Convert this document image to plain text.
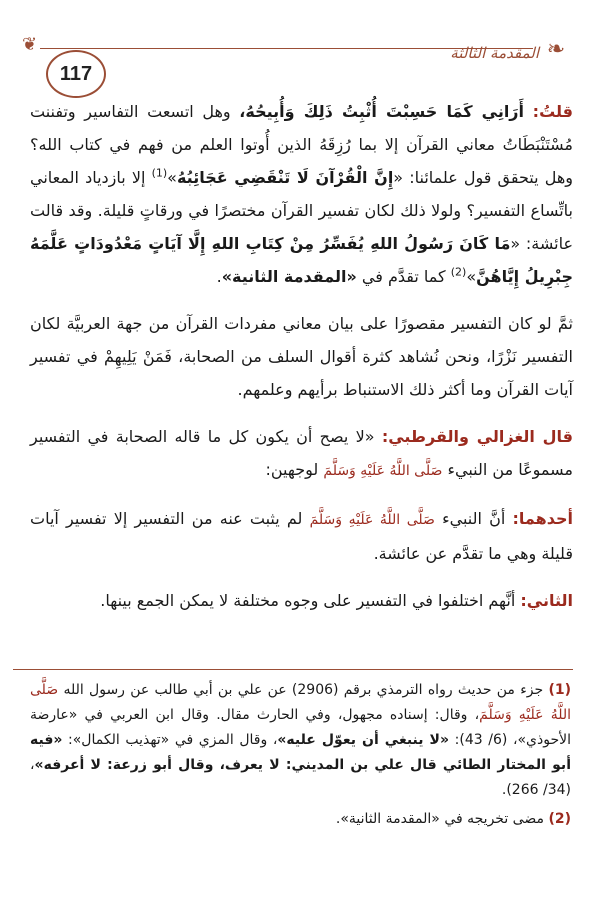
❦
117
المقدمة الثالثة ❧

قلتُ: أَرَانِي كَمَا حَسِبْتَ أُثْبِتُ ذَلِكَ وَأُبِيحُهُ، وهل اتسعت التفاسير وتفننت مُسْتَنْبَطَاتُ معاني القرآن إلا بما رُزِقَهُ الذين أُوتوا العلم من فهم في كتاب الله؟ وهل يتحقق قول علمائنا: «إِنَّ الْقُرْآنَ لَا تَنْقَضِي عَجَائِبُهُ»$^{(1)}$ إلا بازدياد المعاني باتِّساع التفسير؟ ولولا ذلك لكان تفسير القرآن مختصرًا في ورقاتٍ قليلة. وقد قالت عائشة: «مَا كَانَ رَسُولُ اللهِ يُفَسِّرُ مِنْ كِتَابِ اللهِ إِلَّا آيَاتٍ مَعْدُودَاتٍ عَلَّمَهُ جِبْرِيلُ إِيَّاهُنَّ»$^{(2)}$ كما تقدَّم في «المقدمة الثانية».

ثمَّ لو كان التفسير مقصورًا على بيان معاني مفردات القرآن من جهة العربيَّة لكان التفسير نَزْرًا، ونحن نُشاهد كثرة أقوال السلف من الصحابة، فَمَنْ يَلِيهِمْ في تفسير آيات القرآن وما أكثر ذلك الاستنباط برأيهم وعلمهم.

قال الغزالي والقرطبي: «لا يصح أن يكون كل ما قاله الصحابة في التفسير مسموعًا من النبيء صَلَّى اللَّهُ عَلَيْهِ وَسَلَّمَ لوجهين:

أحدهما: أنَّ النبيء صَلَّى اللَّهُ عَلَيْهِ وَسَلَّمَ لم يثبت عنه من التفسير إلا تفسير آيات قليلة وهي ما تقدَّم عن عائشة.

الثاني: أنَّهم اختلفوا في التفسير على وجوه مختلفة لا يمكن الجمع بينها.

(1) جزء من حديث رواه الترمذي برقم (2906) عن علي بن أبي طالب عن رسول الله صَلَّى اللَّهُ عَلَيْهِ وَسَلَّمَ، وقال: إسناده مجهول، وفي الحارث مقال. وقال ابن العربي في «عارضة الأحوذي»، (6/ 43): «لا ينبغي أن يعوّل عليه»، وقال المزي في «تهذيب الكمال»: «فيه أبو المختار الطائي قال علي بن المديني: لا يعرف، وقال أبو زرعة: لا أعرفه»، (34/ 266).

(2) مضى تخريجه في «المقدمة الثانية».
